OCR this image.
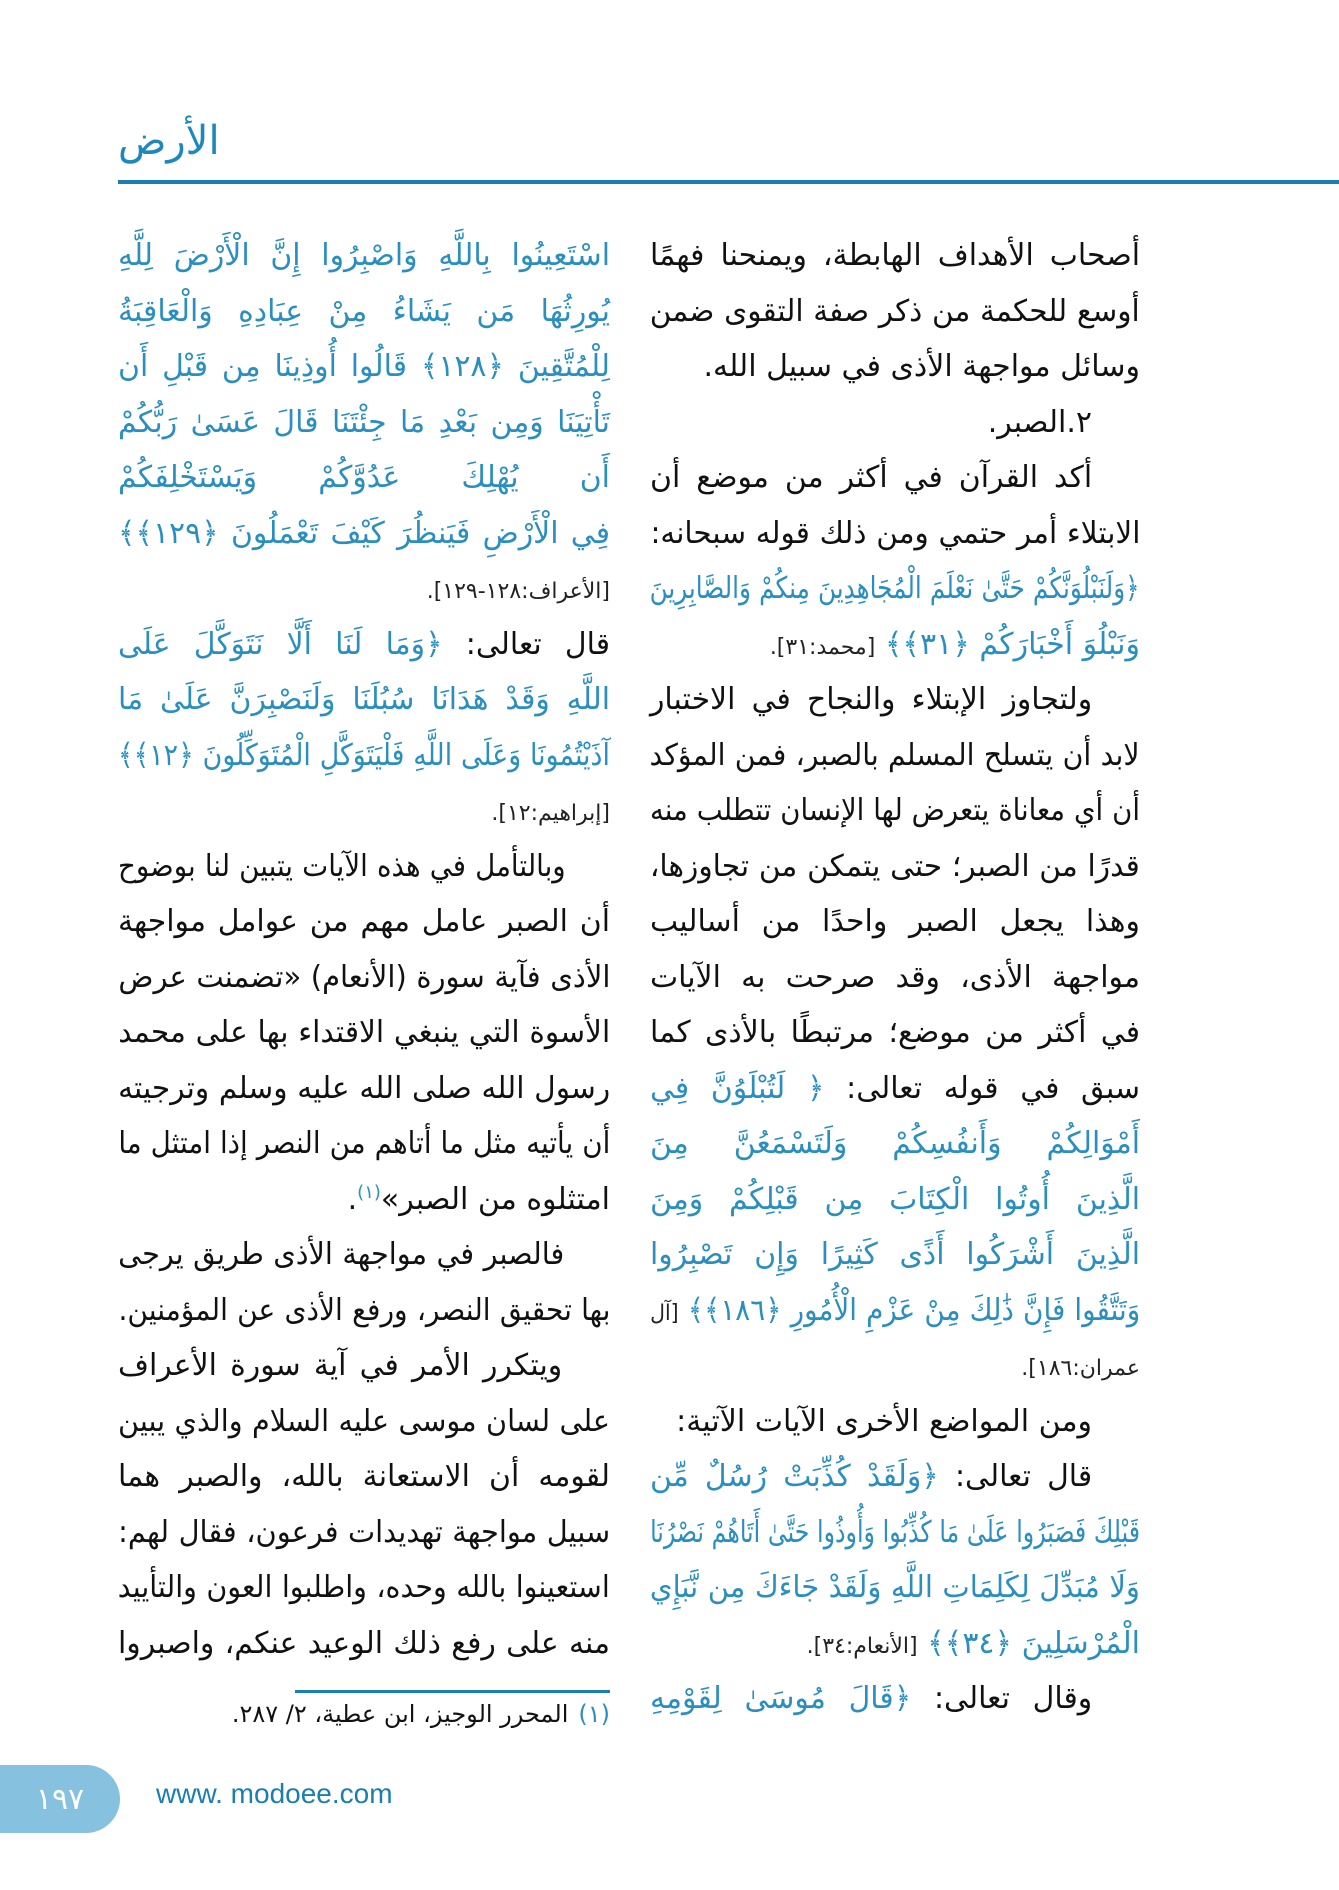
الأرض
أصحاب الأهداف الهابطة، ويمنحنا فهمًا
أوسع للحكمة من ذكر صفة التقوى ضمن
وسائل مواجهة الأذى في سبيل الله.
٢.الصبر.
أكد القرآن في أكثر من موضع أن
الابتلاء أمر حتمي ومن ذلك قوله سبحانه:
﴿وَلَنَبْلُوَنَّكُمْ حَتَّىٰ نَعْلَمَ الْمُجَاهِدِينَ مِنكُمْ وَالصَّابِرِينَ
وَنَبْلُوَ أَخْبَارَكُمْ ﴿٣١﴾﴾ [محمد:٣١].
ولتجاوز الإبتلاء والنجاح في الاختبار
لابد أن يتسلح المسلم بالصبر، فمن المؤكد
أن أي معاناة يتعرض لها الإنسان تتطلب منه
قدرًا من الصبر؛ حتى يتمكن من تجاوزها،
وهذا يجعل الصبر واحدًا من أساليب
مواجهة الأذى، وقد صرحت به الآيات
في أكثر من موضع؛ مرتبطًا بالأذى كما
سبق في قوله تعالى: ﴿ لَتُبْلَوُنَّ فِي
أَمْوَالِكُمْ وَأَنفُسِكُمْ وَلَتَسْمَعُنَّ مِنَ
الَّذِينَ أُوتُوا الْكِتَابَ مِن قَبْلِكُمْ وَمِنَ
الَّذِينَ أَشْرَكُوا أَذًى كَثِيرًا وَإِن تَصْبِرُوا
وَتَتَّقُوا فَإِنَّ ذَٰلِكَ مِنْ عَزْمِ الْأُمُورِ ﴿١٨٦﴾﴾ [آل
عمران:١٨٦].
ومن المواضع الأخرى الآيات الآتية:
قال تعالى: ﴿وَلَقَدْ كُذِّبَتْ رُسُلٌ مِّن
قَبْلِكَ فَصَبَرُوا عَلَىٰ مَا كُذِّبُوا وَأُوذُوا حَتَّىٰ أَتَاهُمْ نَصْرُنَا
وَلَا مُبَدِّلَ لِكَلِمَاتِ اللَّهِ وَلَقَدْ جَاءَكَ مِن نَّبَإِي
الْمُرْسَلِينَ ﴿٣٤﴾﴾ [الأنعام:٣٤].
وقال تعالى: ﴿قَالَ مُوسَىٰ لِقَوْمِهِ
اسْتَعِينُوا بِاللَّهِ وَاصْبِرُوا إِنَّ الْأَرْضَ لِلَّهِ
يُورِثُهَا مَن يَشَاءُ مِنْ عِبَادِهِ وَالْعَاقِبَةُ
لِلْمُتَّقِينَ ﴿١٢٨﴾ قَالُوا أُوذِينَا مِن قَبْلِ أَن
تَأْتِيَنَا وَمِن بَعْدِ مَا جِئْتَنَا قَالَ عَسَىٰ رَبُّكُمْ
أَن يُهْلِكَ عَدُوَّكُمْ وَيَسْتَخْلِفَكُمْ
فِي الْأَرْضِ فَيَنظُرَ كَيْفَ تَعْمَلُونَ ﴿١٢٩﴾﴾
[الأعراف:١٢٨-١٢٩].
قال تعالى: ﴿وَمَا لَنَا أَلَّا نَتَوَكَّلَ عَلَى
اللَّهِ وَقَدْ هَدَانَا سُبُلَنَا وَلَنَصْبِرَنَّ عَلَىٰ مَا
آذَيْتُمُونَا وَعَلَى اللَّهِ فَلْيَتَوَكَّلِ الْمُتَوَكِّلُونَ ﴿١٢﴾﴾
[إبراهيم:١٢].
وبالتأمل في هذه الآيات يتبين لنا بوضوح
أن الصبر عامل مهم من عوامل مواجهة
الأذى فآية سورة (الأنعام) «تضمنت عرض
الأسوة التي ينبغي الاقتداء بها على محمد
رسول الله صلى الله عليه وسلم وترجيته
أن يأتيه مثل ما أتاهم من النصر إذا امتثل ما
امتثلوه من الصبر»$^{(١)}$.
فالصبر في مواجهة الأذى طريق يرجى
بها تحقيق النصر، ورفع الأذى عن المؤمنين.
ويتكرر الأمر في آية سورة الأعراف
على لسان موسى عليه السلام والذي يبين
لقومه أن الاستعانة بالله، والصبر هما
سبيل مواجهة تهديدات فرعون، فقال لهم:
استعينوا بالله وحده، واطلبوا العون والتأييد
منه على رفع ذلك الوعيد عنكم، واصبروا
(١)المحرر الوجيز، ابن عطية، ٢/ ٢٨٧.
١٩٧	www. modoee.com
